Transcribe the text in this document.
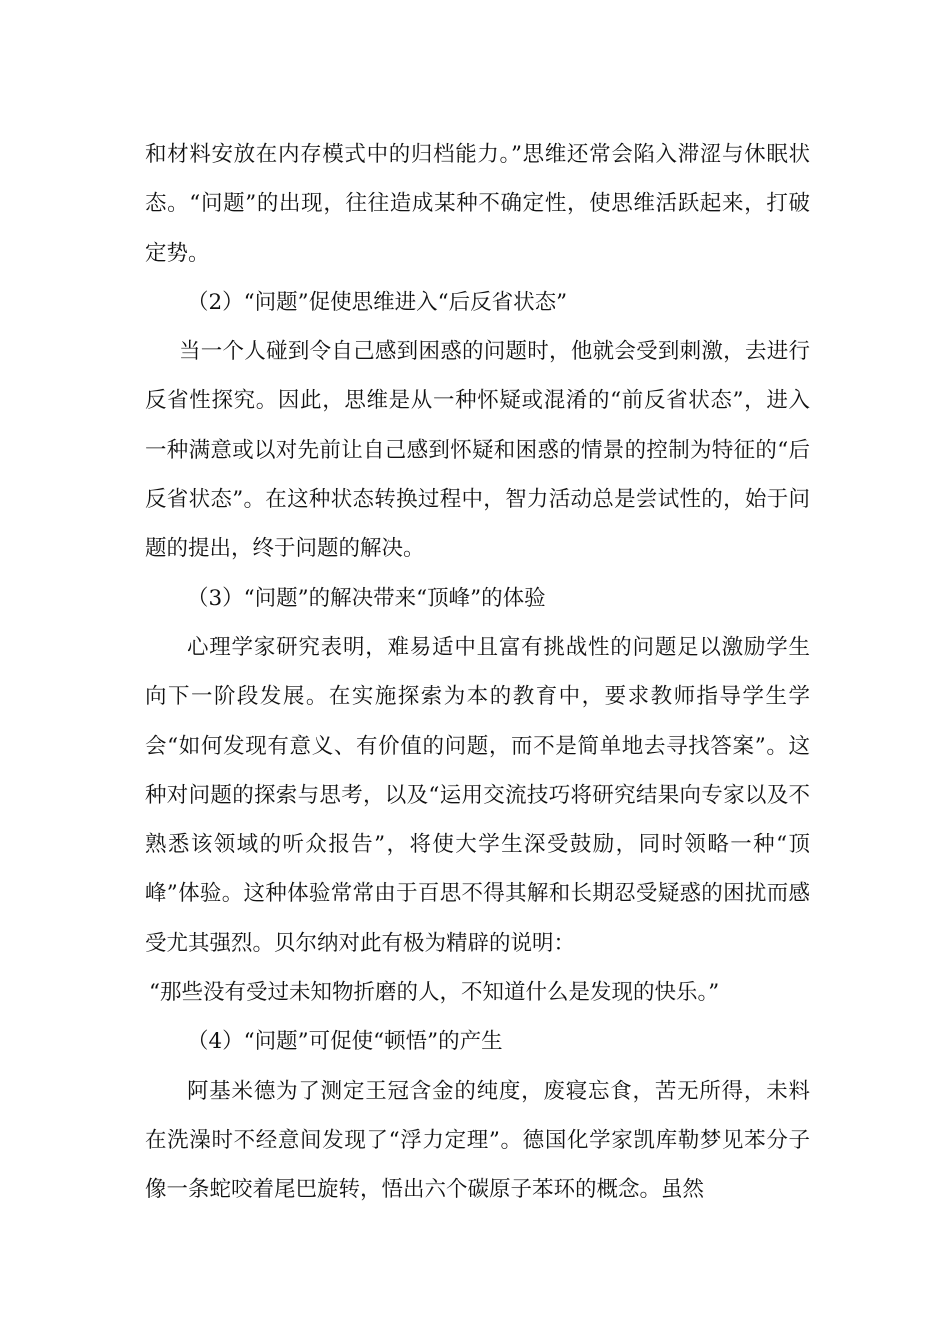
和材料安放在内存模式中的归档能力。”思维还常会陷入滞涩与休眠状态。“问题”的出现，往往造成某种不确定性，使思维活跃起来，打破定势。

（2）“问题”促使思维进入“后反省状态”

当一个人碰到令自己感到困惑的问题时，他就会受到刺激，去进行反省性探究。因此，思维是从一种怀疑或混淆的“前反省状态”，进入一种满意或以对先前让自己感到怀疑和困惑的情景的控制为特征的“后反省状态”。在这种状态转换过程中，智力活动总是尝试性的，始于问题的提出，终于问题的解决。

（3）“问题”的解决带来“顶峰”的体验

心理学家研究表明，难易适中且富有挑战性的问题足以激励学生向下一阶段发展。在实施探索为本的教育中，要求教师指导学生学会“如何发现有意义、有价值的问题，而不是简单地去寻找答案”。这种对问题的探索与思考，以及“运用交流技巧将研究结果向专家以及不熟悉该领域的听众报告”，将使大学生深受鼓励，同时领略一种“顶峰”体验。这种体验常常由于百思不得其解和长期忍受疑惑的困扰而感受尤其强烈。贝尔纳对此有极为精辟的说明：

“那些没有受过未知物折磨的人，不知道什么是发现的快乐。”

（4）“问题”可促使“顿悟”的产生

阿基米德为了测定王冠含金的纯度，废寝忘食，苦无所得，未料在洗澡时不经意间发现了“浮力定理”。德国化学家凯库勒梦见苯分子像一条蛇咬着尾巴旋转，悟出六个碳原子苯环的概念。虽然
